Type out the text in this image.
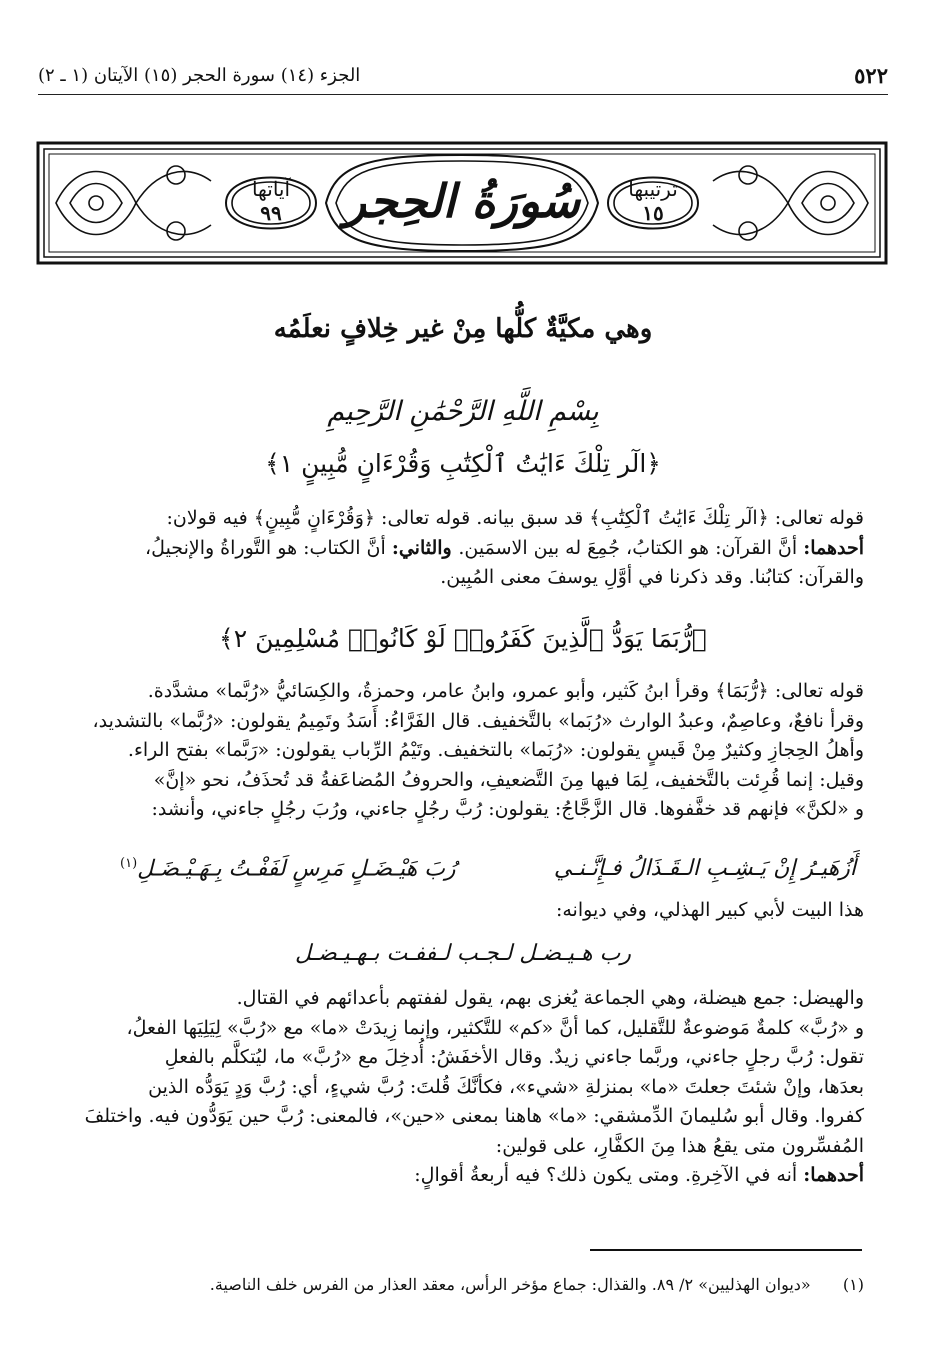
٥٢٢
الجزء (١٤) سورة الحجر (١٥) الآيتان (١ ـ ٢)
آياتها
٩٩	سُورَةُ الحِجر	ترتيبها
١٥
وهي مكيَّةٌ كلُّها مِنْ غير خِلافٍ نعلَمُه
بِسْمِ اللَّهِ الرَّحْمَٰنِ الرَّحِيمِ
﴿الٓر تِلْكَ ءَايَٰتُ ٱلْكِتَٰبِ وَقُرْءَانٍ مُّبِينٍ ١﴾
قوله تعالى: ﴿الٓر تِلْكَ ءَايَٰتُ ٱلْكِتَٰبِ﴾ قد سبق بيانه. قوله تعالى: ﴿وَقُرْءَانٍ مُّبِينٍ﴾ فيه قولان:
أحدهما: أنَّ القرآن: هو الكتابُ، جُمِعَ له بين الاسمَين. والثاني: أنَّ الكتاب: هو التَّوراةُ والإنجيلُ،
والقرآن: كتابُنا. وقد ذكرنا في أوَّلِ يوسفَ معنى المُبِين.
﴿رُّبَمَا يَوَدُّ ٱلَّذِينَ كَفَرُوا۟ لَوْ كَانُوا۟ مُسْلِمِينَ ٢﴾
قوله تعالى: ﴿رُّبَمَا﴾ وقرأ ابنُ كَثير، وأبو عمرو، وابنُ عامر، وحمزةُ، والكِسَائيُّ «رُبَّما» مشدَّدة.
وقرأ نافعٌ، وعاصِمٌ، وعبدُ الوارث «رُبَما» بالتَّخفيف. قال الفَرَّاءُ: أَسَدُ وتَمِيمُ يقولون: «رُبَّما» بالتشديد،
وأهلُ الحِجازِ وكثيرٌ مِنْ قَيسٍ يقولون: «رُبَما» بالتخفيف. وتَيْمُ الرِّباب يقولون: «رَبَّما» بفتح الراء.
وقيل: إنما قُرِئت بالتَّخفيف، لِمَا فيها مِنَ التَّضعيفِ، والحروفُ المُضاعَفةُ قد تُحذَفُ، نحو «إنَّ»
و «لكنَّ» فإنهم قد خفَّفوها. قال الزَّجَّاجُ: يقولون: رُبَّ رجُلٍ جاءني، ورُبَ رجُلٍ جاءني، وأنشد:
أَزُهَيـرُ إِنْ يَـشِـبِ الـقَـذَالُ فـإِنَّـنـي
رُبَ هَيْـضَـلٍ مَرِسٍ لَفَفْـتُ بِـهَـيْـضَـلِ$^{(١)}$
هذا البيت لأبي كبير الهذلي، وفي ديوانه:
رب هـيـضـل لـجـب لـففـت بـهـيـضـل
والهيضل: جمع هيضلة، وهي الجماعة يُغزى بهم، يقول لففتهم بأعدائهم في القتال.
و «رُبَّ» كلمةٌ مَوضوعةٌ للتَّقليل، كما أنَّ «كم» للتَّكثير، وإنما زِيدَتْ «ما» مع «رُبَّ» لِيَلِيَها الفعلُ،
تقول: رُبَّ رجلٍ جاءني، وربَّما جاءني زيدٌ. وقال الأخفَشُ: أُدخِلَ مع «رُبَّ» ما، ليُتكلَّم بالفعلِ
بعدَها، وإنْ شئتَ جعلتَ «ما» بمنزلةِ «شيء»، فكأنَّكَ قُلتَ: رُبَّ شيءٍ، أي: رُبَّ وَدٍ يَوَدُّه الذين
كفروا. وقال أبو سُليمانَ الدِّمشقي: «ما» هاهنا بمعنى «حين»، فالمعنى: رُبَّ حين يَوَدُّون فيه. واختلفَ
المُفسِّرون متى يقعُ هذا مِنَ الكفَّارِ، على قولين:
أحدهما: أنه في الآخِرةِ. ومتى يكون ذلك؟ فيه أربعةُ أقوالٍ:
(١)  «ديوان الهذليين» ٢/ ٨٩. والقذال: جماع مؤخر الرأس، معقد العذار من الفرس خلف الناصية.
